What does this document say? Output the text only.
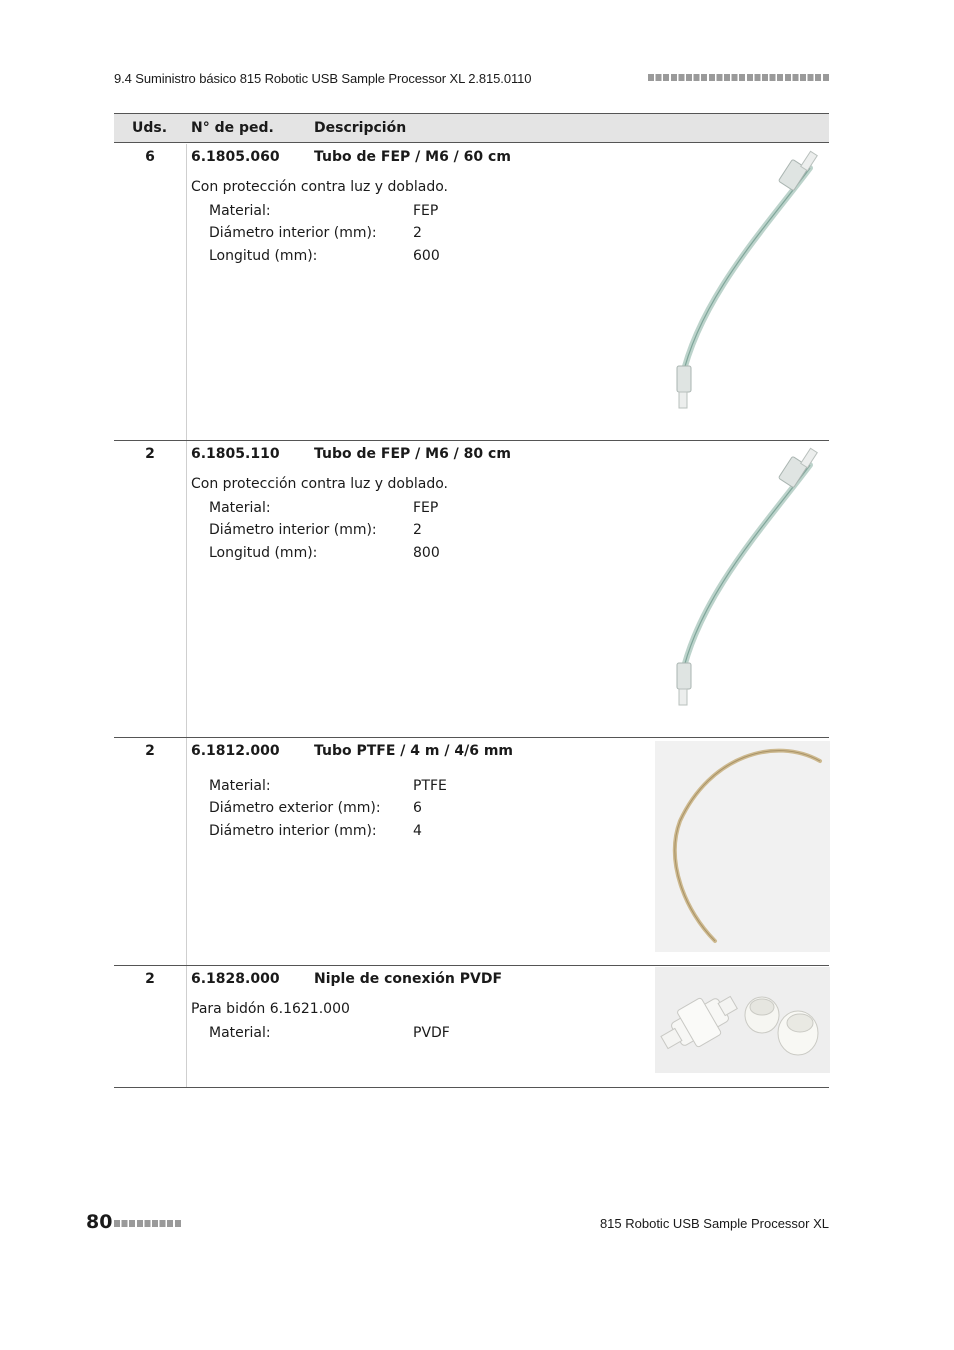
9.4 Suministro básico 815 Robotic USB Sample Processor XL 2.815.0110
Uds. N° de ped.	Descripción
6	6.1805.060 Tubo de FEP / M6 / 60 cm
Con protección contra luz y doblado.
Material:	FEP
Diámetro interior (mm):	2
Longitud (mm):	600
2	6.1805.110 Tubo de FEP / M6 / 80 cm
Con protección contra luz y doblado.
Material:	FEP
Diámetro interior (mm):	2
Longitud (mm):	800
2	6.1812.000 Tubo PTFE / 4 m / 4/6 mm
Material:	PTFE
Diámetro exterior (mm): 6
Diámetro interior (mm):	4
2	6.1828.000 Niple de conexión PVDF
Para bidón 6.1621.000
Material:	PVDF
80	815 Robotic USB Sample Processor XL
